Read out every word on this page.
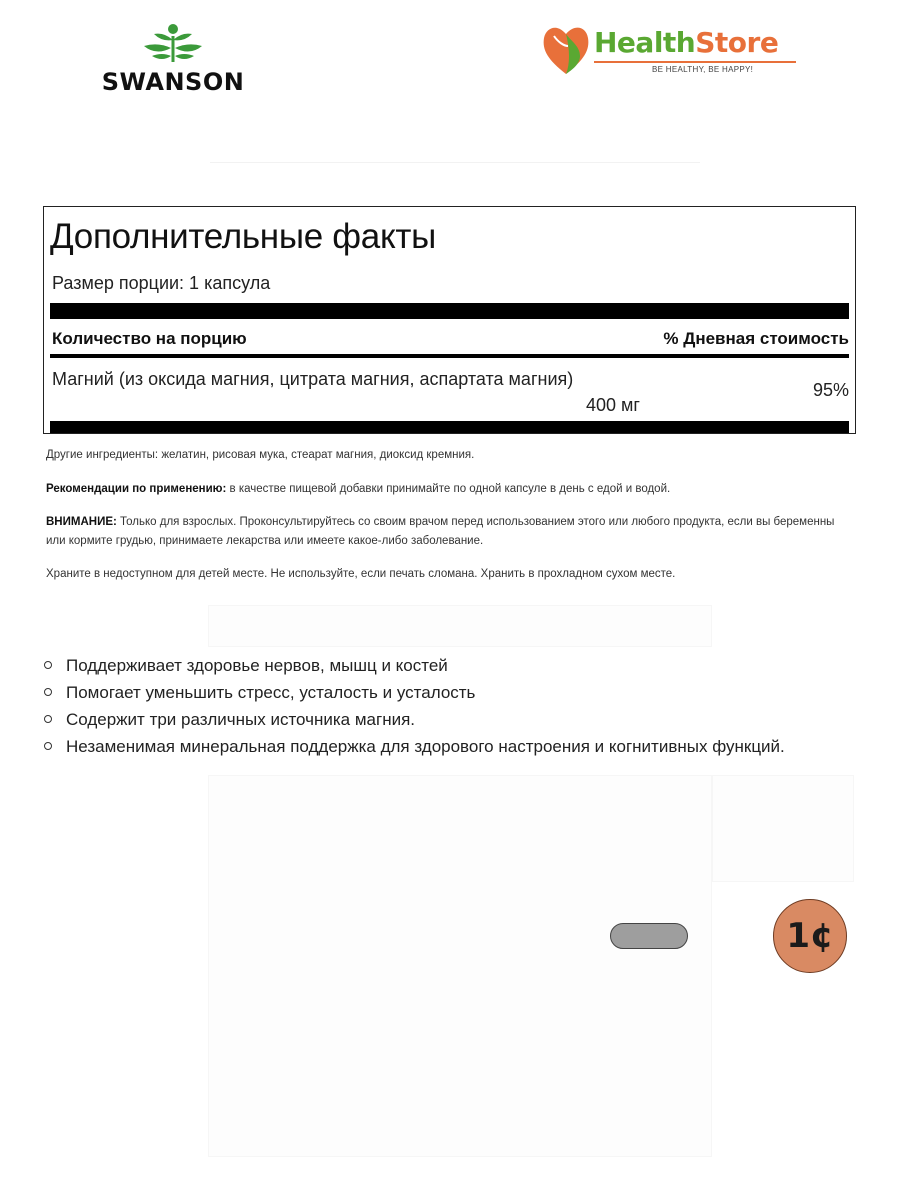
SWANSON
HealthStore
BE HEALTHY, BE HAPPY!
Дополнительные факты
Размер порции: 1 капсула
Количество на порцию	% Дневная стоимость
Магний (из оксида магния, цитрата магния, аспартата магния)
400 мг
95%
Другие ингредиенты: желатин, рисовая мука, стеарат магния, диоксид кремния.
Рекомендации по применению: в качестве пищевой добавки принимайте по одной капсуле в день с едой и водой.
ВНИМАНИЕ: Только для взрослых. Проконсультируйтесь со своим врачом перед использованием этого или любого продукта, если вы беременны или кормите грудью, принимаете лекарства или имеете какое-либо заболевание.
Храните в недоступном для детей месте. Не используйте, если печать сломана. Хранить в прохладном сухом месте.
Поддерживает здоровье нервов, мышц и костей
Помогает уменьшить стресс, усталость и усталость
Содержит три различных источника магния.
Незаменимая минеральная поддержка для здорового настроения и когнитивных функций.
1¢
